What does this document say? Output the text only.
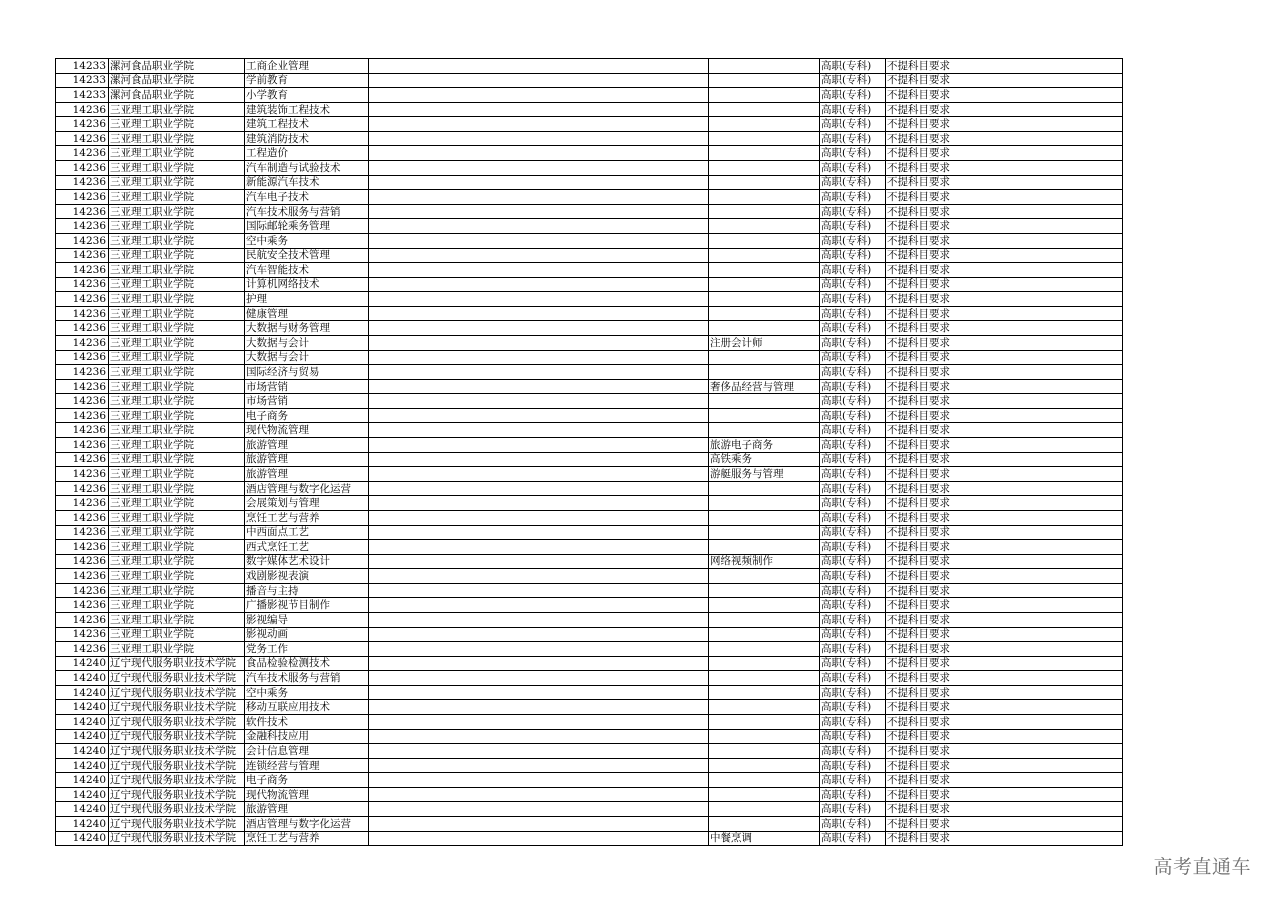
14233	漯河食品职业学院	工商企业管理			高职(专科)	不提科目要求
14233	漯河食品职业学院	学前教育			高职(专科)	不提科目要求
14233	漯河食品职业学院	小学教育			高职(专科)	不提科目要求
14236	三亚理工职业学院	建筑装饰工程技术			高职(专科)	不提科目要求
14236	三亚理工职业学院	建筑工程技术			高职(专科)	不提科目要求
14236	三亚理工职业学院	建筑消防技术			高职(专科)	不提科目要求
14236	三亚理工职业学院	工程造价			高职(专科)	不提科目要求
14236	三亚理工职业学院	汽车制造与试验技术			高职(专科)	不提科目要求
14236	三亚理工职业学院	新能源汽车技术			高职(专科)	不提科目要求
14236	三亚理工职业学院	汽车电子技术			高职(专科)	不提科目要求
14236	三亚理工职业学院	汽车技术服务与营销			高职(专科)	不提科目要求
14236	三亚理工职业学院	国际邮轮乘务管理			高职(专科)	不提科目要求
14236	三亚理工职业学院	空中乘务			高职(专科)	不提科目要求
14236	三亚理工职业学院	民航安全技术管理			高职(专科)	不提科目要求
14236	三亚理工职业学院	汽车智能技术			高职(专科)	不提科目要求
14236	三亚理工职业学院	计算机网络技术			高职(专科)	不提科目要求
14236	三亚理工职业学院	护理			高职(专科)	不提科目要求
14236	三亚理工职业学院	健康管理			高职(专科)	不提科目要求
14236	三亚理工职业学院	大数据与财务管理			高职(专科)	不提科目要求
14236	三亚理工职业学院	大数据与会计		注册会计师	高职(专科)	不提科目要求
14236	三亚理工职业学院	大数据与会计			高职(专科)	不提科目要求
14236	三亚理工职业学院	国际经济与贸易			高职(专科)	不提科目要求
14236	三亚理工职业学院	市场营销		奢侈品经营与管理	高职(专科)	不提科目要求
14236	三亚理工职业学院	市场营销			高职(专科)	不提科目要求
14236	三亚理工职业学院	电子商务			高职(专科)	不提科目要求
14236	三亚理工职业学院	现代物流管理			高职(专科)	不提科目要求
14236	三亚理工职业学院	旅游管理		旅游电子商务	高职(专科)	不提科目要求
14236	三亚理工职业学院	旅游管理		高铁乘务	高职(专科)	不提科目要求
14236	三亚理工职业学院	旅游管理		游艇服务与管理	高职(专科)	不提科目要求
14236	三亚理工职业学院	酒店管理与数字化运营			高职(专科)	不提科目要求
14236	三亚理工职业学院	会展策划与管理			高职(专科)	不提科目要求
14236	三亚理工职业学院	烹饪工艺与营养			高职(专科)	不提科目要求
14236	三亚理工职业学院	中西面点工艺			高职(专科)	不提科目要求
14236	三亚理工职业学院	西式烹饪工艺			高职(专科)	不提科目要求
14236	三亚理工职业学院	数字媒体艺术设计		网络视频制作	高职(专科)	不提科目要求
14236	三亚理工职业学院	戏剧影视表演			高职(专科)	不提科目要求
14236	三亚理工职业学院	播音与主持			高职(专科)	不提科目要求
14236	三亚理工职业学院	广播影视节目制作			高职(专科)	不提科目要求
14236	三亚理工职业学院	影视编导			高职(专科)	不提科目要求
14236	三亚理工职业学院	影视动画			高职(专科)	不提科目要求
14236	三亚理工职业学院	党务工作			高职(专科)	不提科目要求
14240	辽宁现代服务职业技术学院	食品检验检测技术			高职(专科)	不提科目要求
14240	辽宁现代服务职业技术学院	汽车技术服务与营销			高职(专科)	不提科目要求
14240	辽宁现代服务职业技术学院	空中乘务			高职(专科)	不提科目要求
14240	辽宁现代服务职业技术学院	移动互联应用技术			高职(专科)	不提科目要求
14240	辽宁现代服务职业技术学院	软件技术			高职(专科)	不提科目要求
14240	辽宁现代服务职业技术学院	金融科技应用			高职(专科)	不提科目要求
14240	辽宁现代服务职业技术学院	会计信息管理			高职(专科)	不提科目要求
14240	辽宁现代服务职业技术学院	连锁经营与管理			高职(专科)	不提科目要求
14240	辽宁现代服务职业技术学院	电子商务			高职(专科)	不提科目要求
14240	辽宁现代服务职业技术学院	现代物流管理			高职(专科)	不提科目要求
14240	辽宁现代服务职业技术学院	旅游管理			高职(专科)	不提科目要求
14240	辽宁现代服务职业技术学院	酒店管理与数字化运营			高职(专科)	不提科目要求
14240	辽宁现代服务职业技术学院	烹饪工艺与营养		中餐烹调	高职(专科)	不提科目要求
高考直通车
